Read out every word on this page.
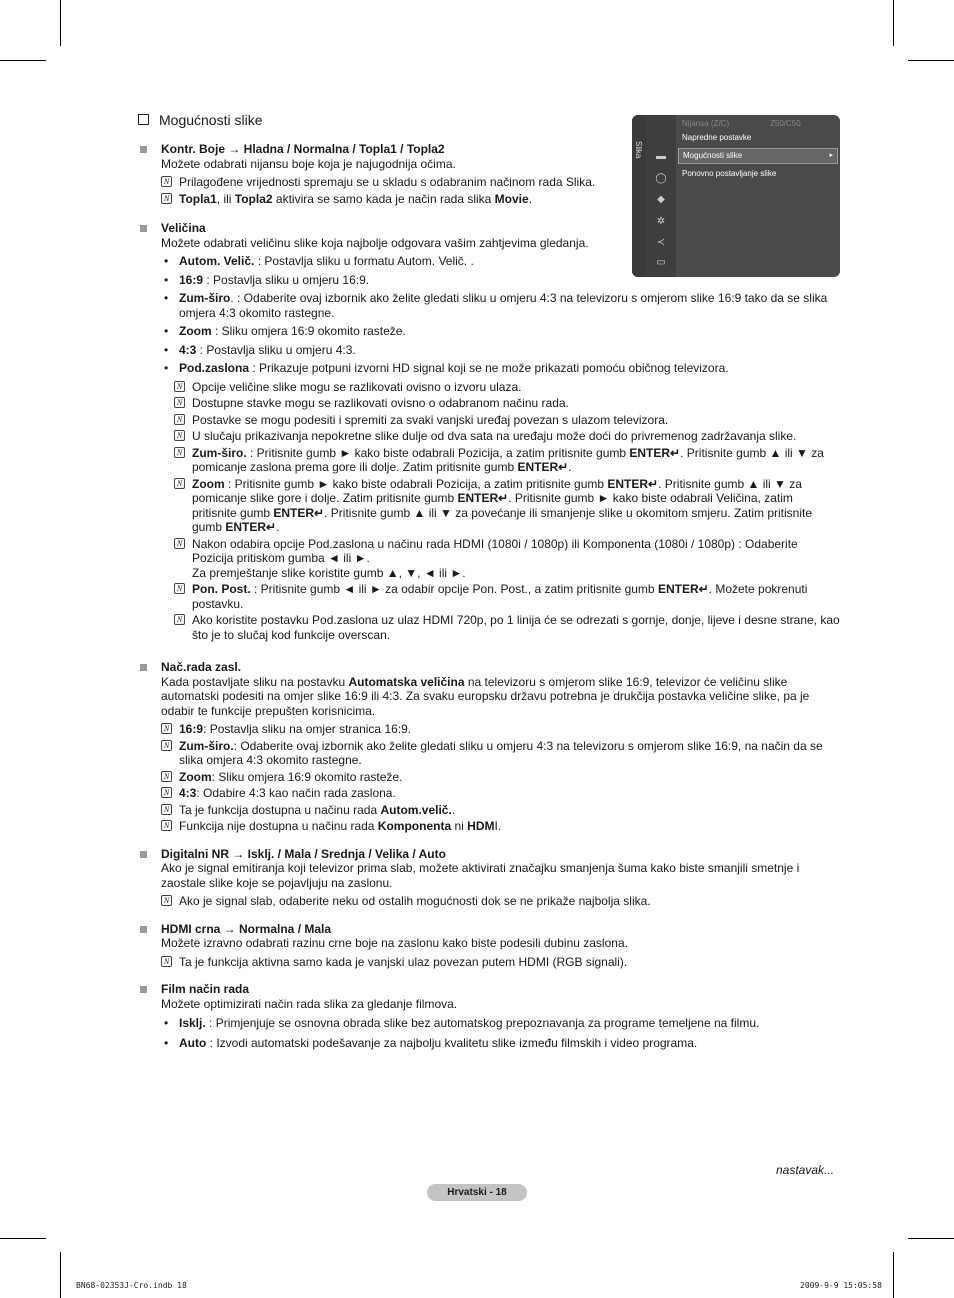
Mogućnosti slike
Slika ▬
◯
◆
✲
≺
▭
Nijansa (Z/C)	Z50/C50
Napredne postavke
Mogućnosti slike ▸
Ponovno postavljanje slike
Kontr. Boje → Hladna / Normalna / Topla1 / Topla2
Možete odabrati nijansu boje koja je najugodnija očima.
N Prilagođene vrijednosti spremaju se u skladu s odabranim načinom rada Slika.
N Topla1, ili Topla2 aktivira se samo kada je način rada slika Movie.
Veličina
Možete odabrati veličinu slike koja najbolje odgovara vašim zahtjevima gledanja.
• Autom. Velič. : Postavlja sliku u formatu Autom. Velič. .
• 16:9 : Postavlja sliku u omjeru 16:9.
• Zum-širo. : Odaberite ovaj izbornik ako želite gledati sliku u omjeru 4:3 na televizoru s omjerom slike 16:9 tako da se slika omjera 4:3 okomito rastegne.
• Zoom : Sliku omjera 16:9 okomito rasteže.
• 4:3 : Postavlja sliku u omjeru 4:3.
• Pod.zaslona : Prikazuje potpuni izvorni HD signal koji se ne može prikazati pomoću običnog televizora.
N Opcije veličine slike mogu se razlikovati ovisno o izvoru ulaza.
N Dostupne stavke mogu se razlikovati ovisno o odabranom načinu rada.
N Postavke se mogu podesiti i spremiti za svaki vanjski uređaj povezan s ulazom televizora.
N U slučaju prikazivanja nepokretne slike dulje od dva sata na uređaju može doći do privremenog zadržavanja slike.
N Zum-širo. : Pritisnite gumb ► kako biste odabrali Pozicija, a zatim pritisnite gumb ENTER↵. Pritisnite gumb ▲ ili ▼ za pomicanje zaslona prema gore ili dolje. Zatim pritisnite gumb ENTER↵.
N Zoom : Pritisnite gumb ► kako biste odabrali Pozicija, a zatim pritisnite gumb ENTER↵. Pritisnite gumb ▲ ili ▼ za pomicanje slike gore i dolje. Zatim pritisnite gumb ENTER↵. Pritisnite gumb ► kako biste odabrali Veličina, zatim pritisnite gumb ENTER↵. Pritisnite gumb ▲ ili ▼ za povećanje ili smanjenje slike u okomitom smjeru. Zatim pritisnite gumb ENTER↵.
N Nakon odabira opcije Pod.zaslona u načinu rada HDMI (1080i / 1080p) ili Komponenta (1080i / 1080p) : Odaberite Pozicija pritiskom gumba ◄ ili ►.
Za premještanje slike koristite gumb ▲, ▼, ◄ ili ►.
N Pon. Post. : Pritisnite gumb ◄ ili ► za odabir opcije Pon. Post., a zatim pritisnite gumb ENTER↵. Možete pokrenuti postavku.
N Ako koristite postavku Pod.zaslona uz ulaz HDMI 720p, po 1 linija će se odrezati s gornje, donje, lijeve i desne strane, kao što je to slučaj kod funkcije overscan.
Nač.rada zasl.
Kada postavljate sliku na postavku Automatska veličina na televizoru s omjerom slike 16:9, televizor će veličinu slike automatski podesiti na omjer slike 16:9 ili 4:3. Za svaku europsku državu potrebna je drukčija postavka veličine slike, pa je odabir te funkcije prepušten korisnicima.
N 16:9: Postavlja sliku na omjer stranica 16:9.
N Zum-širo.: Odaberite ovaj izbornik ako želite gledati sliku u omjeru 4:3 na televizoru s omjerom slike 16:9, na način da se slika omjera 4:3 okomito rastegne.
N Zoom: Sliku omjera 16:9 okomito rasteže.
N 4:3: Odabire 4:3 kao način rada zaslona.
N Ta je funkcija dostupna u načinu rada Autom.velič..
N Funkcija nije dostupna u načinu rada Komponenta ni HDMI.
Digitalni NR → Isklj. / Mala / Srednja / Velika / Auto
Ako je signal emitiranja koji televizor prima slab, možete aktivirati značajku smanjenja šuma kako biste smanjili smetnje i zaostale slike koje se pojavljuju na zaslonu.
N Ako je signal slab, odaberite neku od ostalih mogućnosti dok se ne prikaže najbolja slika.
HDMI crna → Normalna / Mala
Možete izravno odabrati razinu crne boje na zaslonu kako biste podesili dubinu zaslona.
N Ta je funkcija aktivna samo kada je vanjski ulaz povezan putem HDMI (RGB signali).
Film način rada
Možete optimizirati način rada slika za gledanje filmova.
• Isklj. : Primjenjuje se osnovna obrada slike bez automatskog prepoznavanja za programe temeljene na filmu.
• Auto : Izvodi automatski podešavanje za najbolju kvalitetu slike između filmskih i video programa.
nastavak...
Hrvatski - 18
BN68-02353J-Cro.indb 18	2009-9-9 15:05:58
